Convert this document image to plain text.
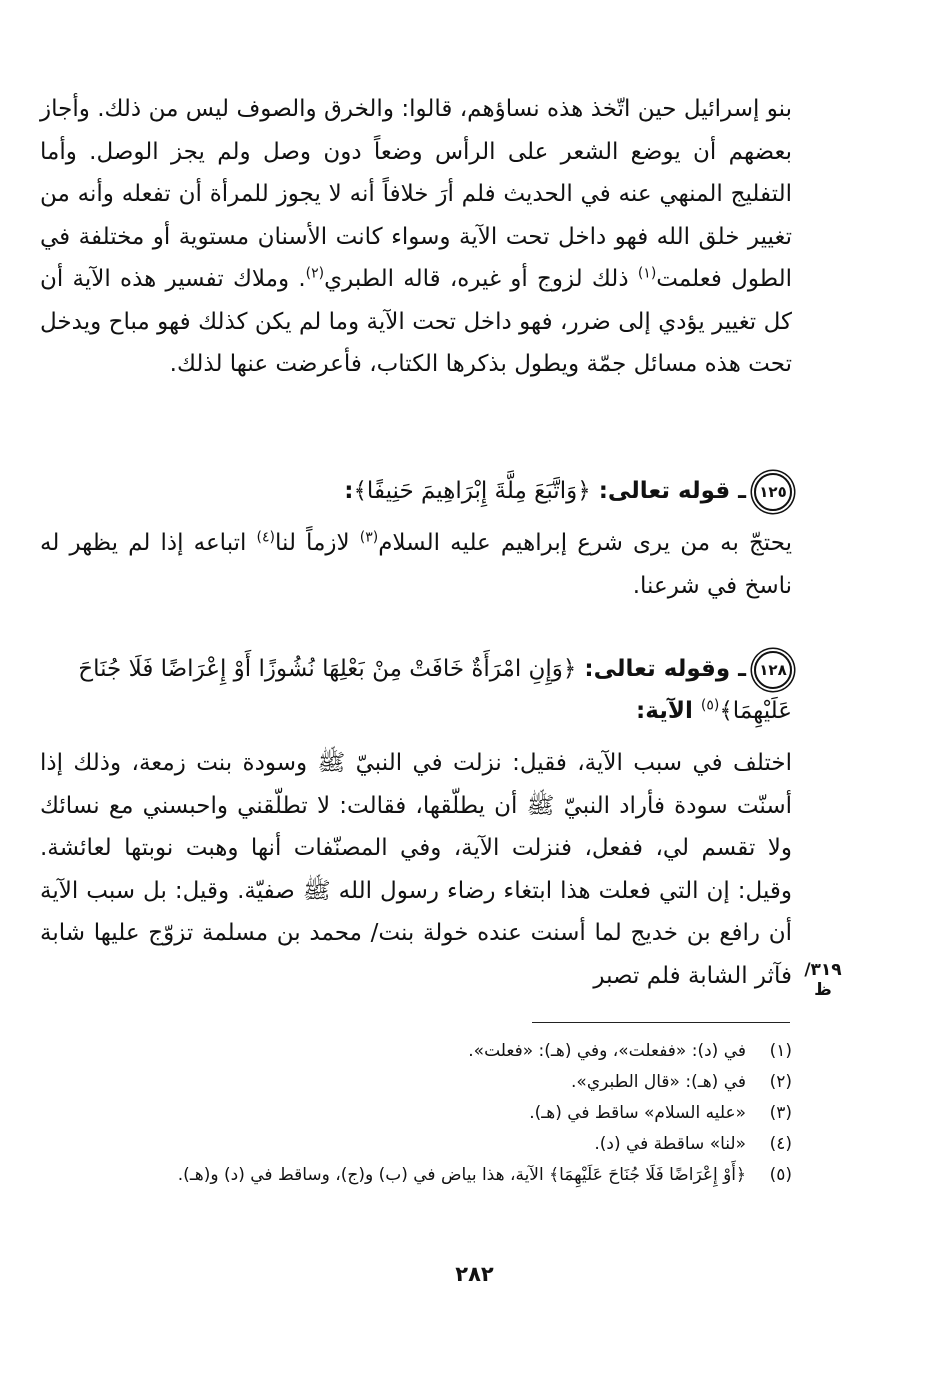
بنو إسرائيل حين اتّخذ هذه نساؤهم، قالوا: والخرق والصوف ليس من ذلك. وأجاز بعضهم أن يوضع الشعر على الرأس وضعاً دون وصل ولم يجز الوصل. وأما التفليج المنهي عنه في الحديث فلم أرَ خلافاً أنه لا يجوز للمرأة أن تفعله وأنه من تغيير خلق الله فهو داخل تحت الآية وسواء كانت الأسنان مستوية أو مختلفة في الطول فعلمت$^{(١)}$ ذلك لزوج أو غيره، قاله الطبري$^{(٢)}$. وملاك تفسير هذه الآية أن كل تغيير يؤدي إلى ضرر، فهو داخل تحت الآية وما لم يكن كذلك فهو مباح ويدخل تحت هذه مسائل جمّة ويطول بذكرها الكتاب، فأعرضت عنها لذلك.

١٢٥ـ قوله تعالى: ﴿وَاتَّبَعَ مِلَّةَ إِبْرَاهِيمَ حَنِيفًا﴾:

يحتجّ به من يرى شرع إبراهيم عليه السلام$^{(٣)}$ لازماً لنا$^{(٤)}$ اتباعه إذا لم يظهر له ناسخ في شرعنا.

١٢٨ـ وقوله تعالى: ﴿وَإِنِ امْرَأَةٌ خَافَتْ مِنْ بَعْلِهَا نُشُوزًا أَوْ إِعْرَاضًا فَلَا جُنَاحَ عَلَيْهِمَا﴾$^{(٥)}$ الآية:

اختلف في سبب الآية، فقيل: نزلت في النبيّ ﷺ وسودة بنت زمعة، وذلك إذا أسنّت سودة فأراد النبيّ ﷺ أن يطلّقها، فقالت: لا تطلّقني واحبسني مع نسائك ولا تقسم لي، ففعل، فنزلت الآية، وفي المصنّفات أنها وهبت نوبتها لعائشة. وقيل: إن التي فعلت هذا ابتغاء رضاء رسول الله ﷺ صفيّة. وقيل: بل سبب الآية أن رافع بن خديج لما أسنت عنده خولة بنت/ محمد بن مسلمة تزوّج عليها شابة فآثر الشابة فلم تصبر ٣١٩/ظ

(١)
في (د): «ففعلت»، وفي (هـ): «فعلت».

(٢)
في (هـ): «قال الطبري».

(٣)
«عليه السلام» ساقط في (هـ).

(٤)
«لنا» ساقطة في (د).

(٥)
﴿أَوْ إِعْرَاضًا فَلَا جُنَاحَ عَلَيْهِمَا﴾ الآية، هذا بياض في (ب) و(ج)، وساقط في (د) و(هـ).

٢٨٢
